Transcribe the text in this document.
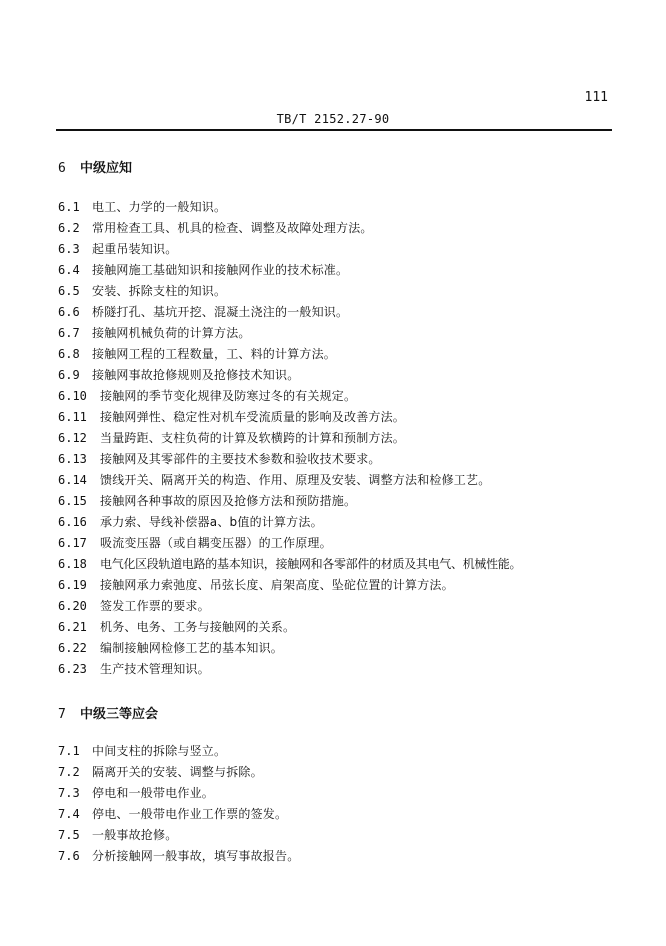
111
TB/T 2152.27-90
6 中级应知
6.1 电工、力学的一般知识。
6.2 常用检查工具、机具的检查、调整及故障处理方法。
6.3 起重吊装知识。
6.4 接触网施工基础知识和接触网作业的技术标准。
6.5 安装、拆除支柱的知识。
6.6 桥隧打孔、基坑开挖、混凝土浇注的一般知识。
6.7 接触网机械负荷的计算方法。
6.8 接触网工程的工程数量，工、料的计算方法。
6.9 接触网事故抢修规则及抢修技术知识。
6.10 接触网的季节变化规律及防寒过冬的有关规定。
6.11 接触网弹性、稳定性对机车受流质量的影响及改善方法。
6.12 当量跨距、支柱负荷的计算及软横跨的计算和预制方法。
6.13 接触网及其零部件的主要技术参数和验收技术要求。
6.14 馈线开关、隔离开关的构造、作用、原理及安装、调整方法和检修工艺。
6.15 接触网各种事故的原因及抢修方法和预防措施。
6.16 承力索、导线补偿器a、b值的计算方法。
6.17 吸流变压器（或自耦变压器）的工作原理。
6.18 电气化区段轨道电路的基本知识，接触网和各零部件的材质及其电气、机械性能。
6.19 接触网承力索弛度、吊弦长度、肩架高度、坠砣位置的计算方法。
6.20 签发工作票的要求。
6.21 机务、电务、工务与接触网的关系。
6.22 编制接触网检修工艺的基本知识。
6.23 生产技术管理知识。
7 中级三等应会
7.1 中间支柱的拆除与竖立。
7.2 隔离开关的安装、调整与拆除。
7.3 停电和一般带电作业。
7.4 停电、一般带电作业工作票的签发。
7.5 一般事故抢修。
7.6 分析接触网一般事故，填写事故报告。
